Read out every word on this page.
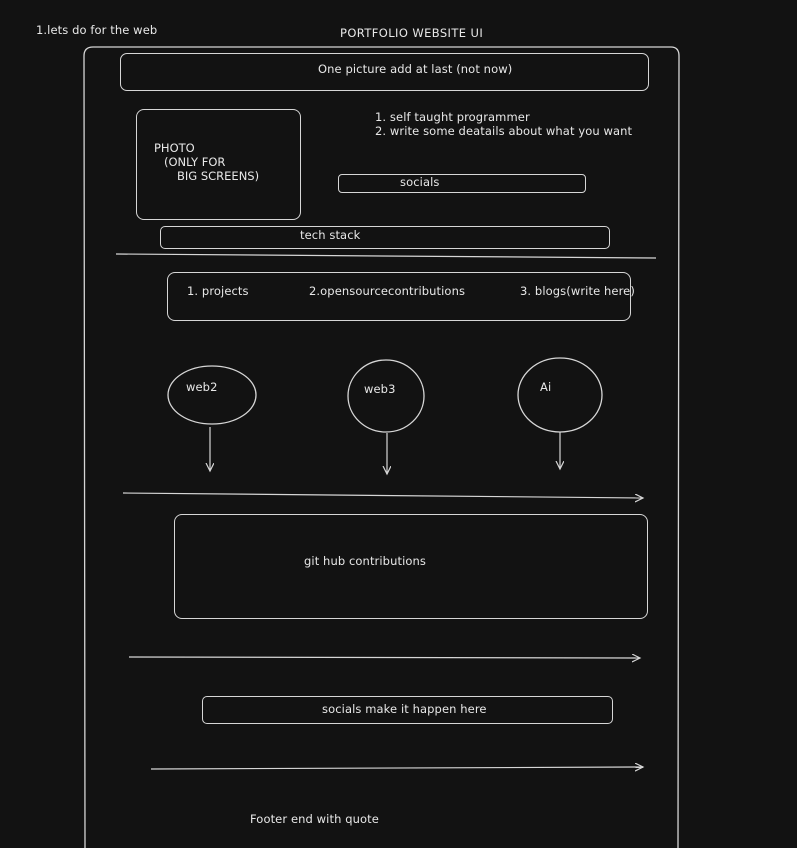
1.lets do for the web	PORTFOLIO WEBSITE UI
One picture add at last (not now)
PHOTO
(ONLY FOR
BIG SCREENS)
1. self taught programmer
2. write some deatails about what you want
socials
tech stack
1. projects	2.opensourcecontributions	3. blogs(write here)
web2	web3	Ai
git hub contributions
socials make it happen here
Footer end with quote
